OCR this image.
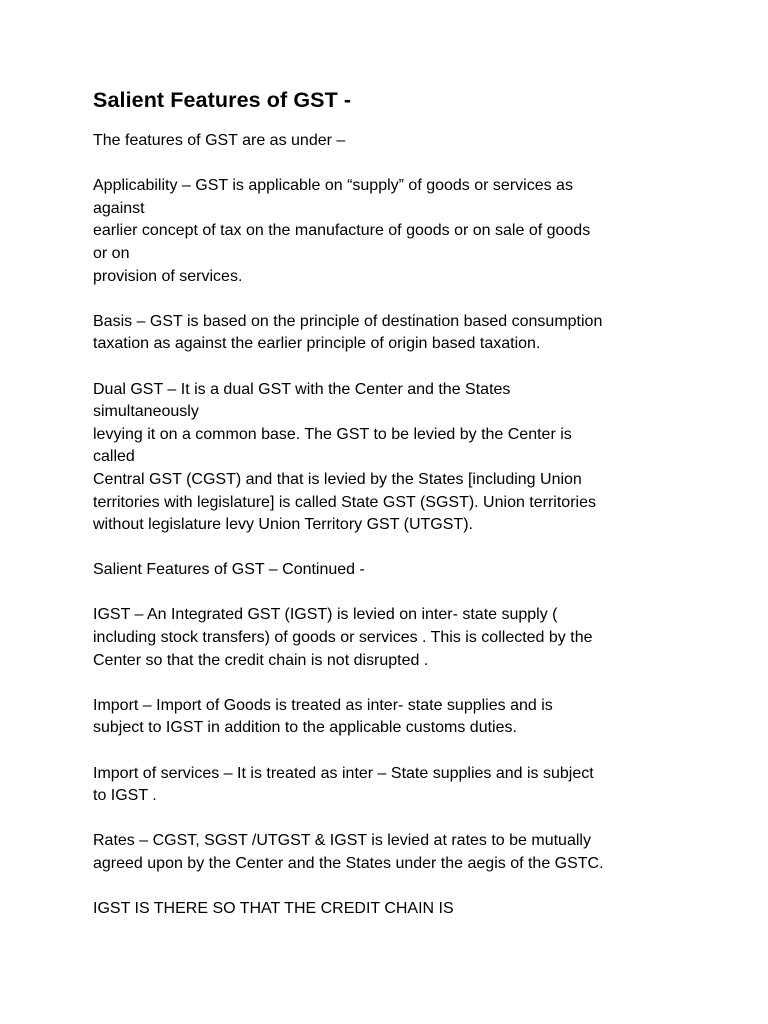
Salient Features of GST -
The features of GST are as under –
Applicability – GST is applicable on “supply” of goods or services as
against
earlier concept of tax on the manufacture of goods or on sale of goods
or on
provision of services.
Basis – GST is based on the principle of destination based consumption
taxation as against the earlier principle of origin based taxation.
Dual GST – It is a dual GST with the Center and the States
simultaneously
levying it on a common base. The GST to be levied by the Center is
called
Central GST (CGST) and that is levied by the States [including Union
territories with legislature] is called State GST (SGST). Union territories
without legislature levy Union Territory GST (UTGST).
Salient Features of GST – Continued -
IGST – An Integrated GST (IGST) is levied on inter- state supply (
including stock transfers) of goods or services . This is collected by the
Center so that the credit chain is not disrupted .
Import – Import of Goods is treated as inter- state supplies and is
subject to IGST in addition to the applicable customs duties.
Import of services – It is treated as inter – State supplies and is subject
to IGST .
Rates – CGST, SGST /UTGST & IGST is levied at rates to be mutually
agreed upon by the Center and the States under the aegis of the GSTC.
IGST IS THERE SO THAT THE CREDIT CHAIN IS
